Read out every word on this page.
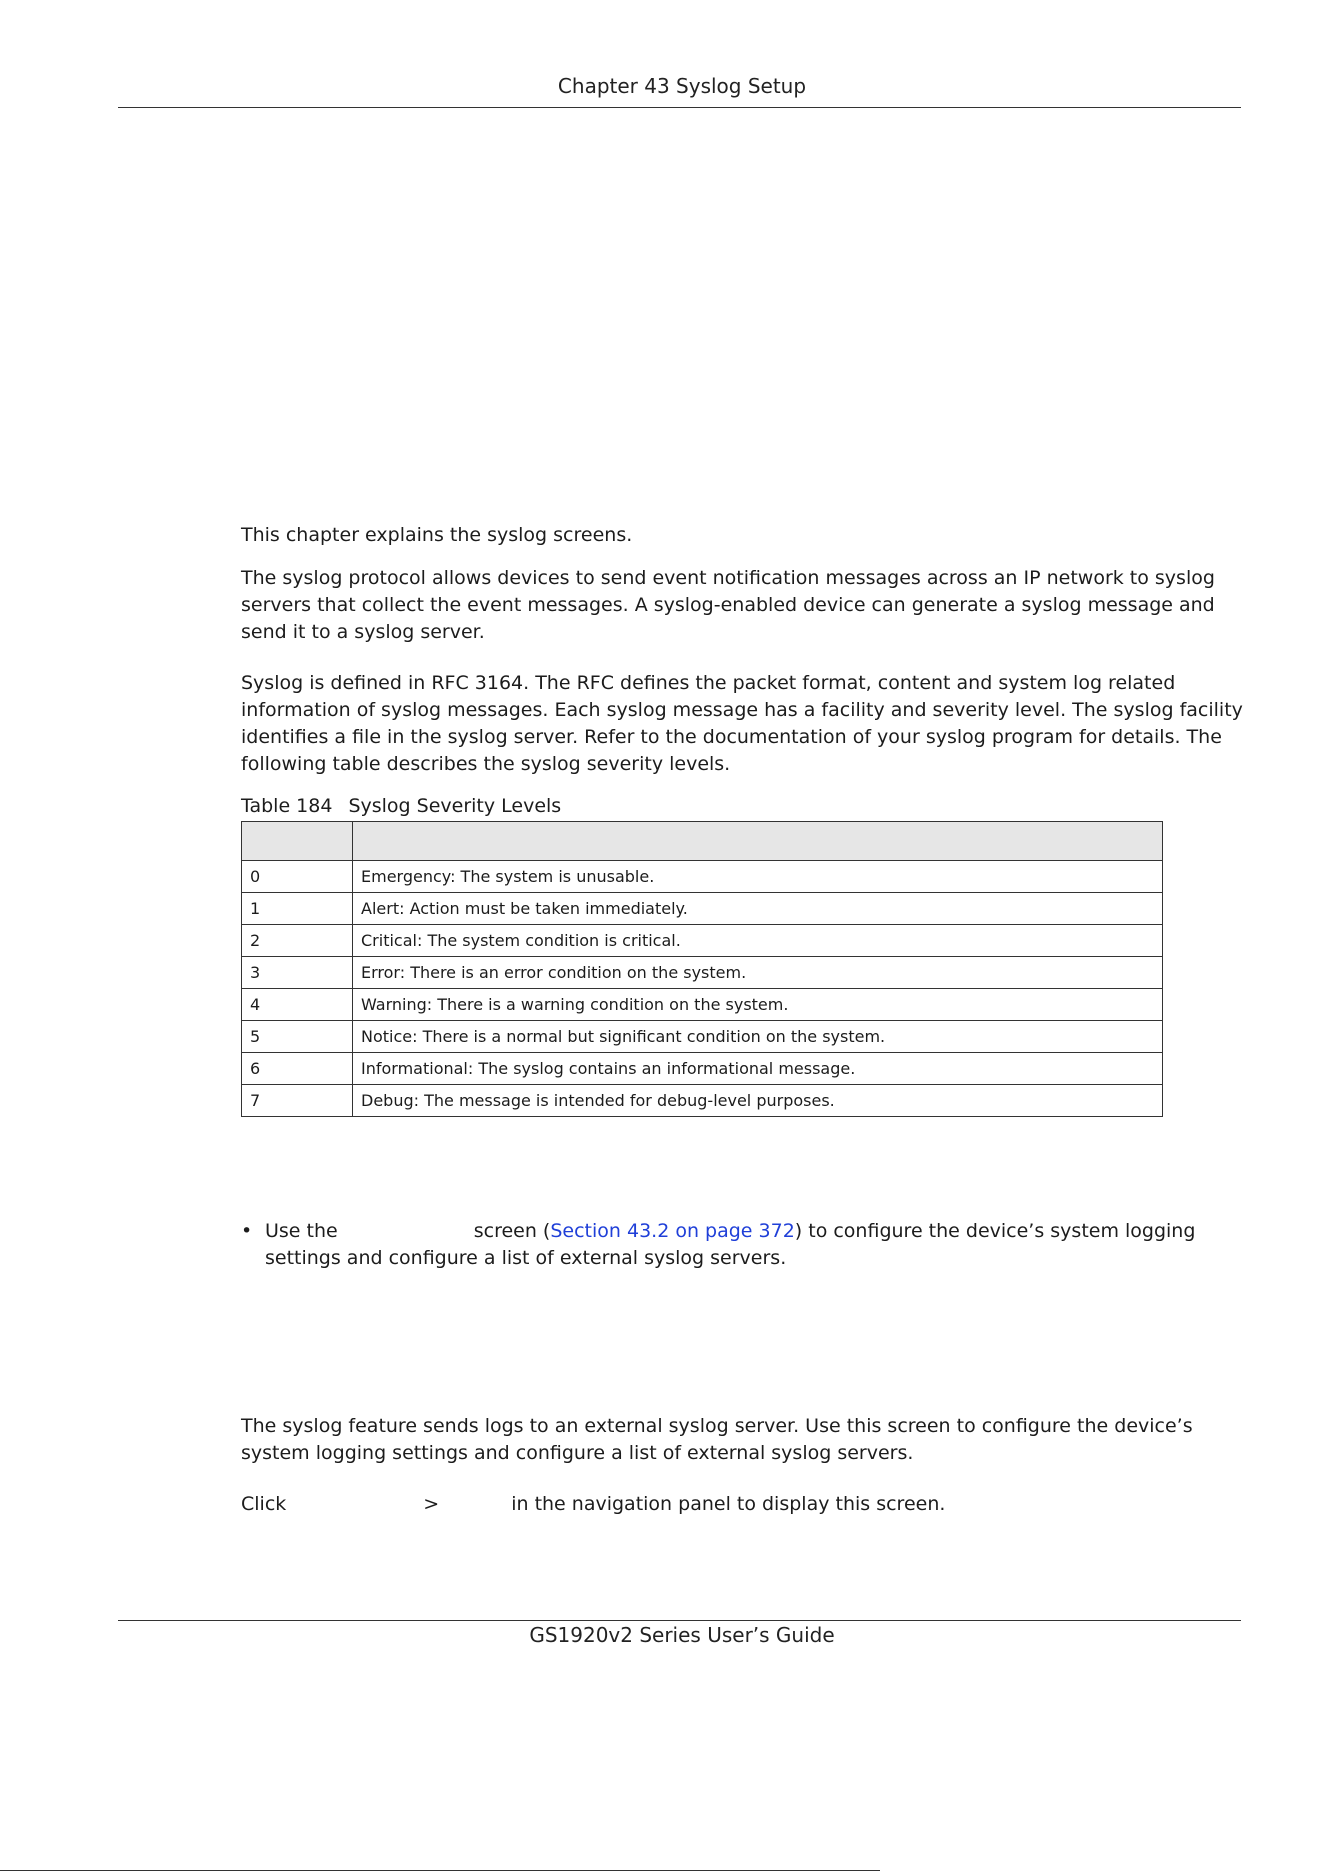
Chapter 43 Syslog Setup
This chapter explains the syslog screens.
The syslog protocol allows devices to send event notification messages across an IP network to syslog servers that collect the event messages. A syslog-enabled device can generate a syslog message and send it to a syslog server.
Syslog is defined in RFC 3164. The RFC defines the packet format, content and system log related information of syslog messages. Each syslog message has a facility and severity level. The syslog facility identifies a file in the syslog server. Refer to the documentation of your syslog program for details. The following table describes the syslog severity levels.
Table 184 Syslog Severity Levels

0	Emergency: The system is unusable.
1	Alert: Action must be taken immediately.
2	Critical: The system condition is critical.
3	Error: There is an error condition on the system.
4	Warning: There is a warning condition on the system.
5	Notice: There is a normal but significant condition on the system.
6	Informational: The syslog contains an informational message.
7	Debug: The message is intended for debug-level purposes.
• Use the	screen (Section 43.2 on page 372) to configure the device’s system logging settings and configure a list of external syslog servers.
The syslog feature sends logs to an external syslog server. Use this screen to configure the device’s system logging settings and configure a list of external syslog servers.
Click	>	in the navigation panel to display this screen.
GS1920v2 Series User’s Guide
